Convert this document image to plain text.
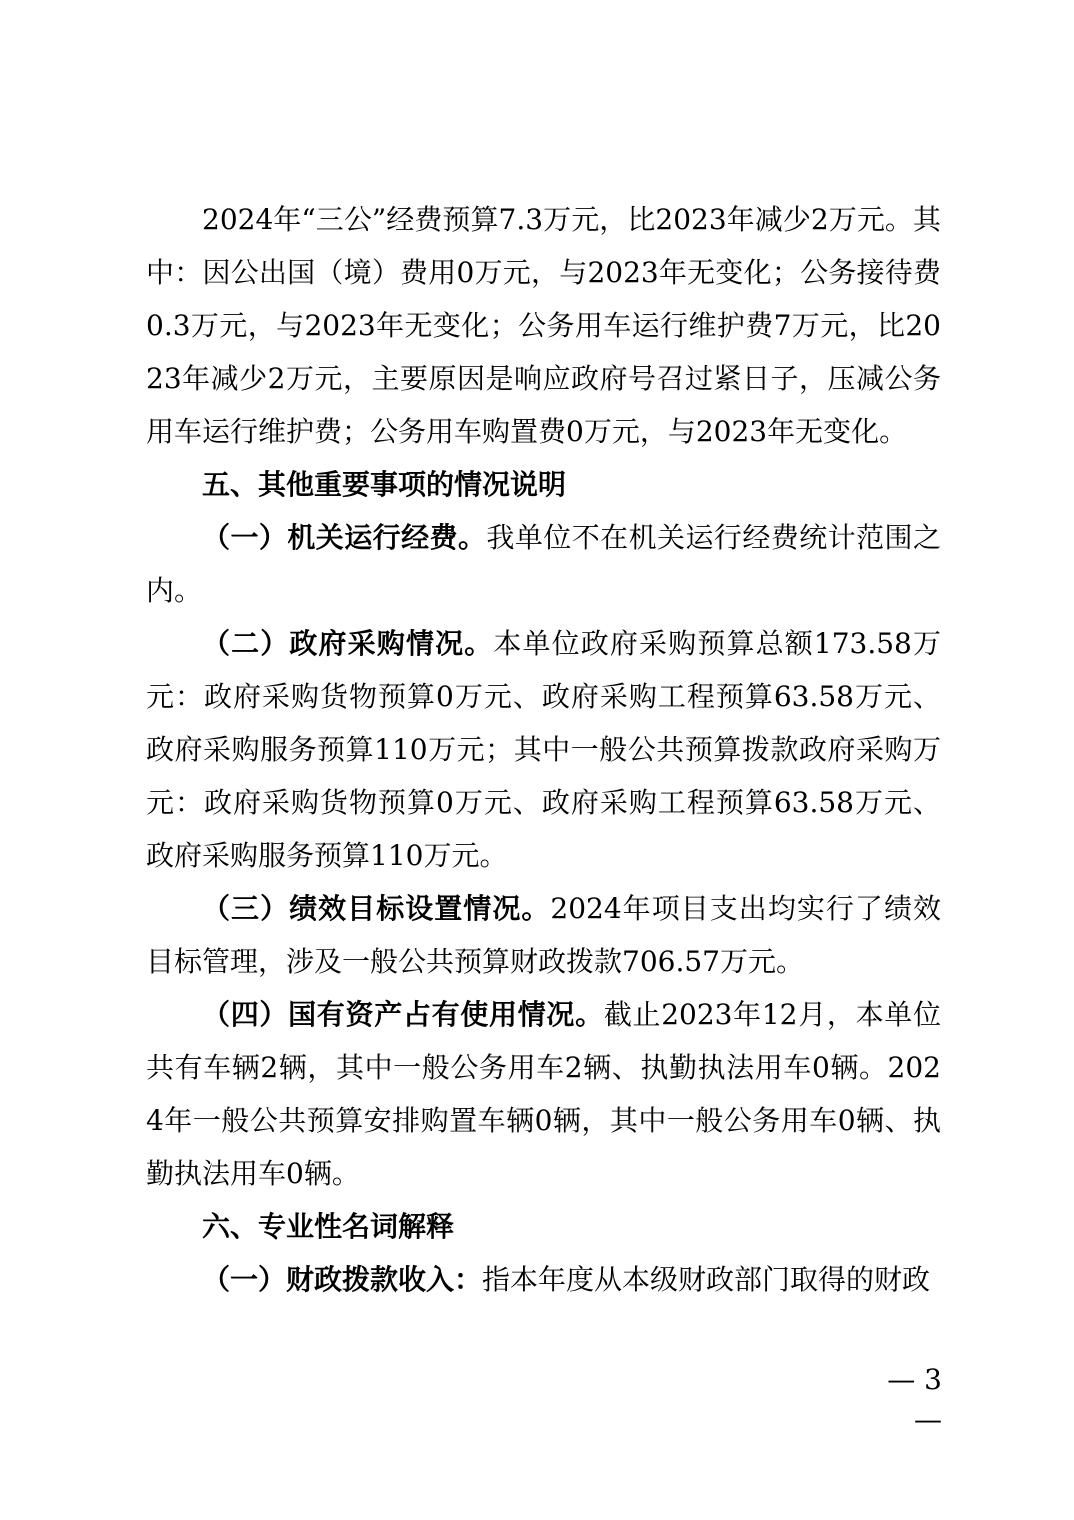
2024年“三公”经费预算7.3万元，比2023年减少2万元。其中：因公出国（境）费用0万元，与2023年无变化；公务接待费0.3万元，与2023年无变化；公务用车运行维护费7万元，比2023年减少2万元，主要原因是响应政府号召过紧日子，压减公务用车运行维护费；公务用车购置费0万元，与2023年无变化。

五、其他重要事项的情况说明

（一）机关运行经费。我单位不在机关运行经费统计范围之内。

（二）政府采购情况。本单位政府采购预算总额173.58万元：政府采购货物预算0万元、政府采购工程预算63.58万元、政府采购服务预算110万元；其中一般公共预算拨款政府采购万元：政府采购货物预算0万元、政府采购工程预算63.58万元、政府采购服务预算110万元。

（三）绩效目标设置情况。2024年项目支出均实行了绩效目标管理，涉及一般公共预算财政拨款706.57万元。

（四）国有资产占有使用情况。截止2023年12月，本单位共有车辆2辆，其中一般公务用车2辆、执勤执法用车0辆。2024年一般公共预算安排购置车辆0辆，其中一般公务用车0辆、执勤执法用车0辆。

六、专业性名词解释

（一）财政拨款收入：指本年度从本级财政部门取得的财政

— 3 —
